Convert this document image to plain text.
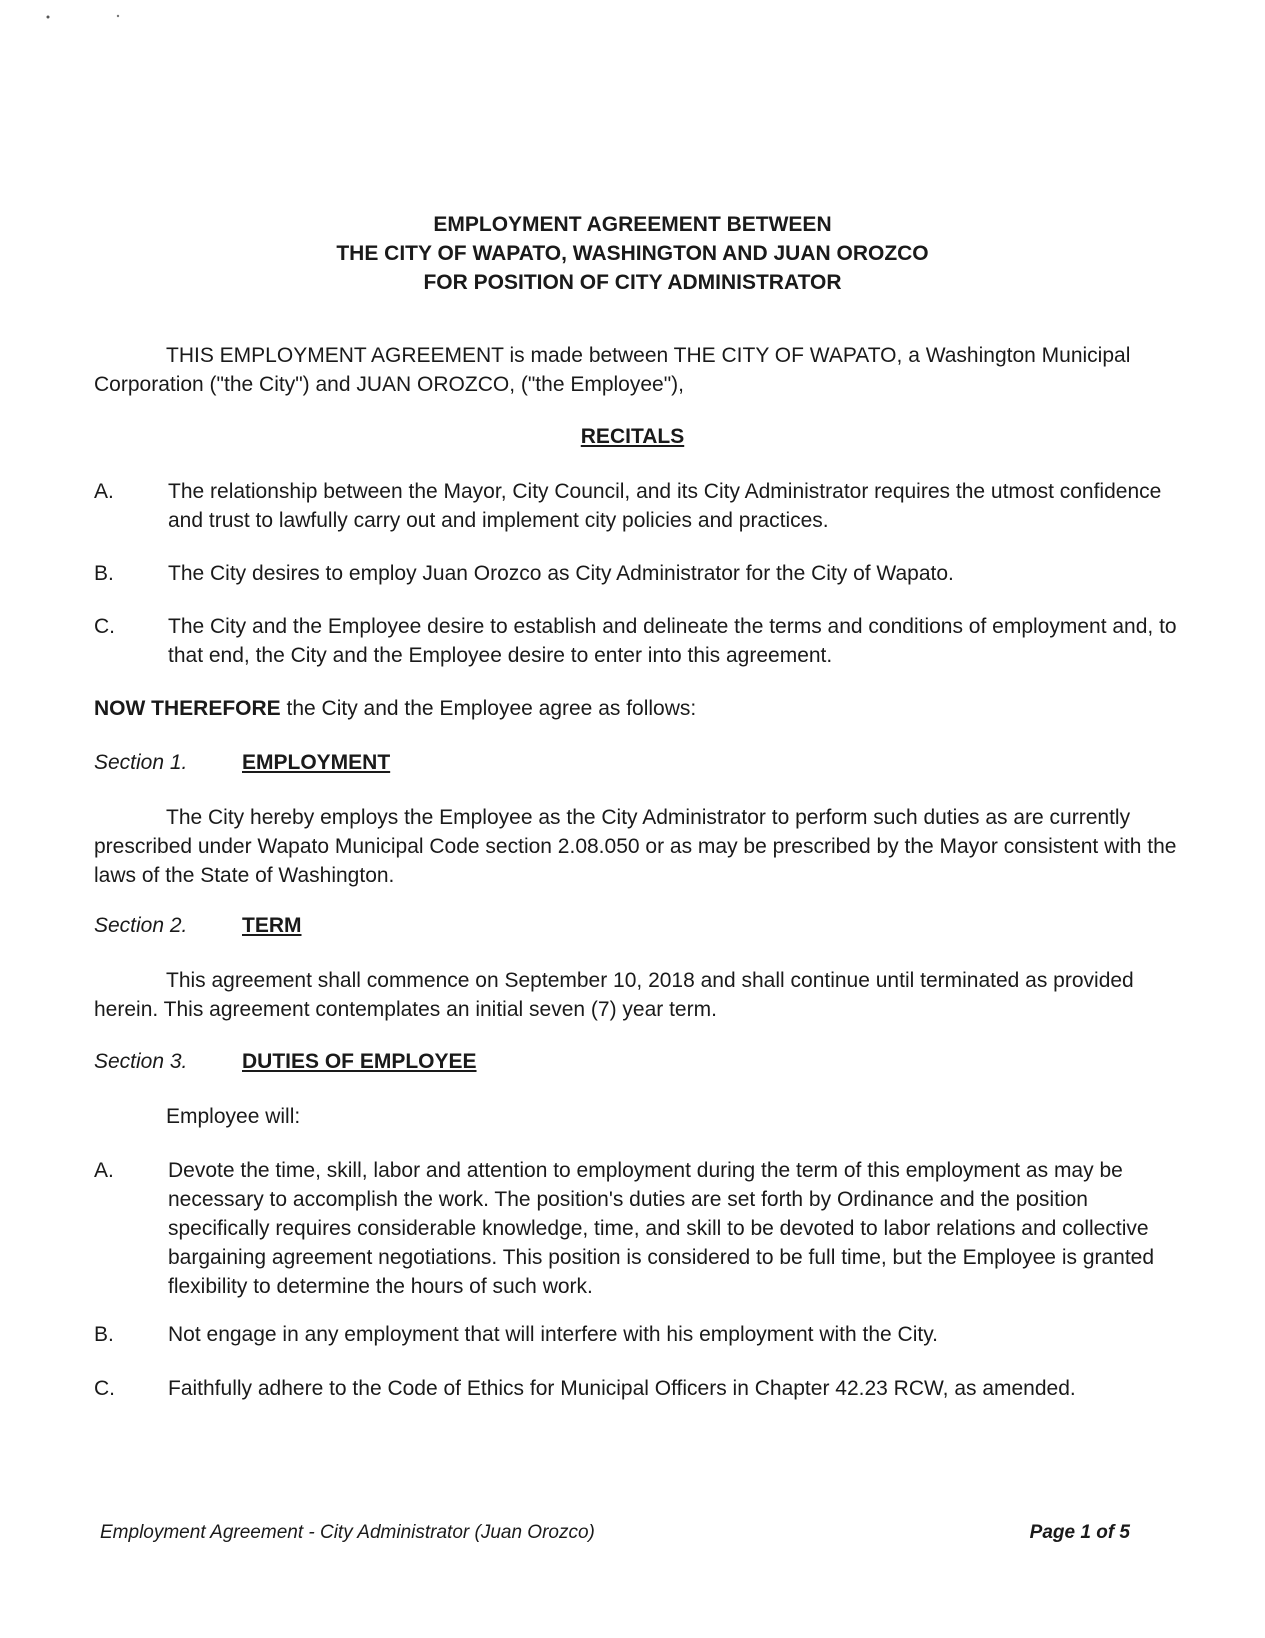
EMPLOYMENT AGREEMENT BETWEEN
THE CITY OF WAPATO, WASHINGTON AND JUAN OROZCO
FOR POSITION OF CITY ADMINISTRATOR
THIS EMPLOYMENT AGREEMENT is made between THE CITY OF WAPATO, a Washington Municipal Corporation ("the City") and JUAN OROZCO, ("the Employee"),
RECITALS
A.	The relationship between the Mayor, City Council, and its City Administrator requires the utmost confidence and trust to lawfully carry out and implement city policies and practices.
B.	The City desires to employ Juan Orozco as City Administrator for the City of Wapato.
C.	The City and the Employee desire to establish and delineate the terms and conditions of employment and, to that end, the City and the Employee desire to enter into this agreement.
NOW THEREFORE the City and the Employee agree as follows:
Section 1.	EMPLOYMENT
The City hereby employs the Employee as the City Administrator to perform such duties as are currently prescribed under Wapato Municipal Code section 2.08.050 or as may be prescribed by the Mayor consistent with the laws of the State of Washington.
Section 2.	TERM
This agreement shall commence on September 10, 2018 and shall continue until terminated as provided herein. This agreement contemplates an initial seven (7) year term.
Section 3.	DUTIES OF EMPLOYEE
Employee will:
A.	Devote the time, skill, labor and attention to employment during the term of this employment as may be necessary to accomplish the work. The position's duties are set forth by Ordinance and the position specifically requires considerable knowledge, time, and skill to be devoted to labor relations and collective bargaining agreement negotiations. This position is considered to be full time, but the Employee is granted flexibility to determine the hours of such work.
B.	Not engage in any employment that will interfere with his employment with the City.
C.	Faithfully adhere to the Code of Ethics for Municipal Officers in Chapter 42.23 RCW, as amended.
Employment Agreement - City Administrator (Juan Orozco)	Page 1 of 5
